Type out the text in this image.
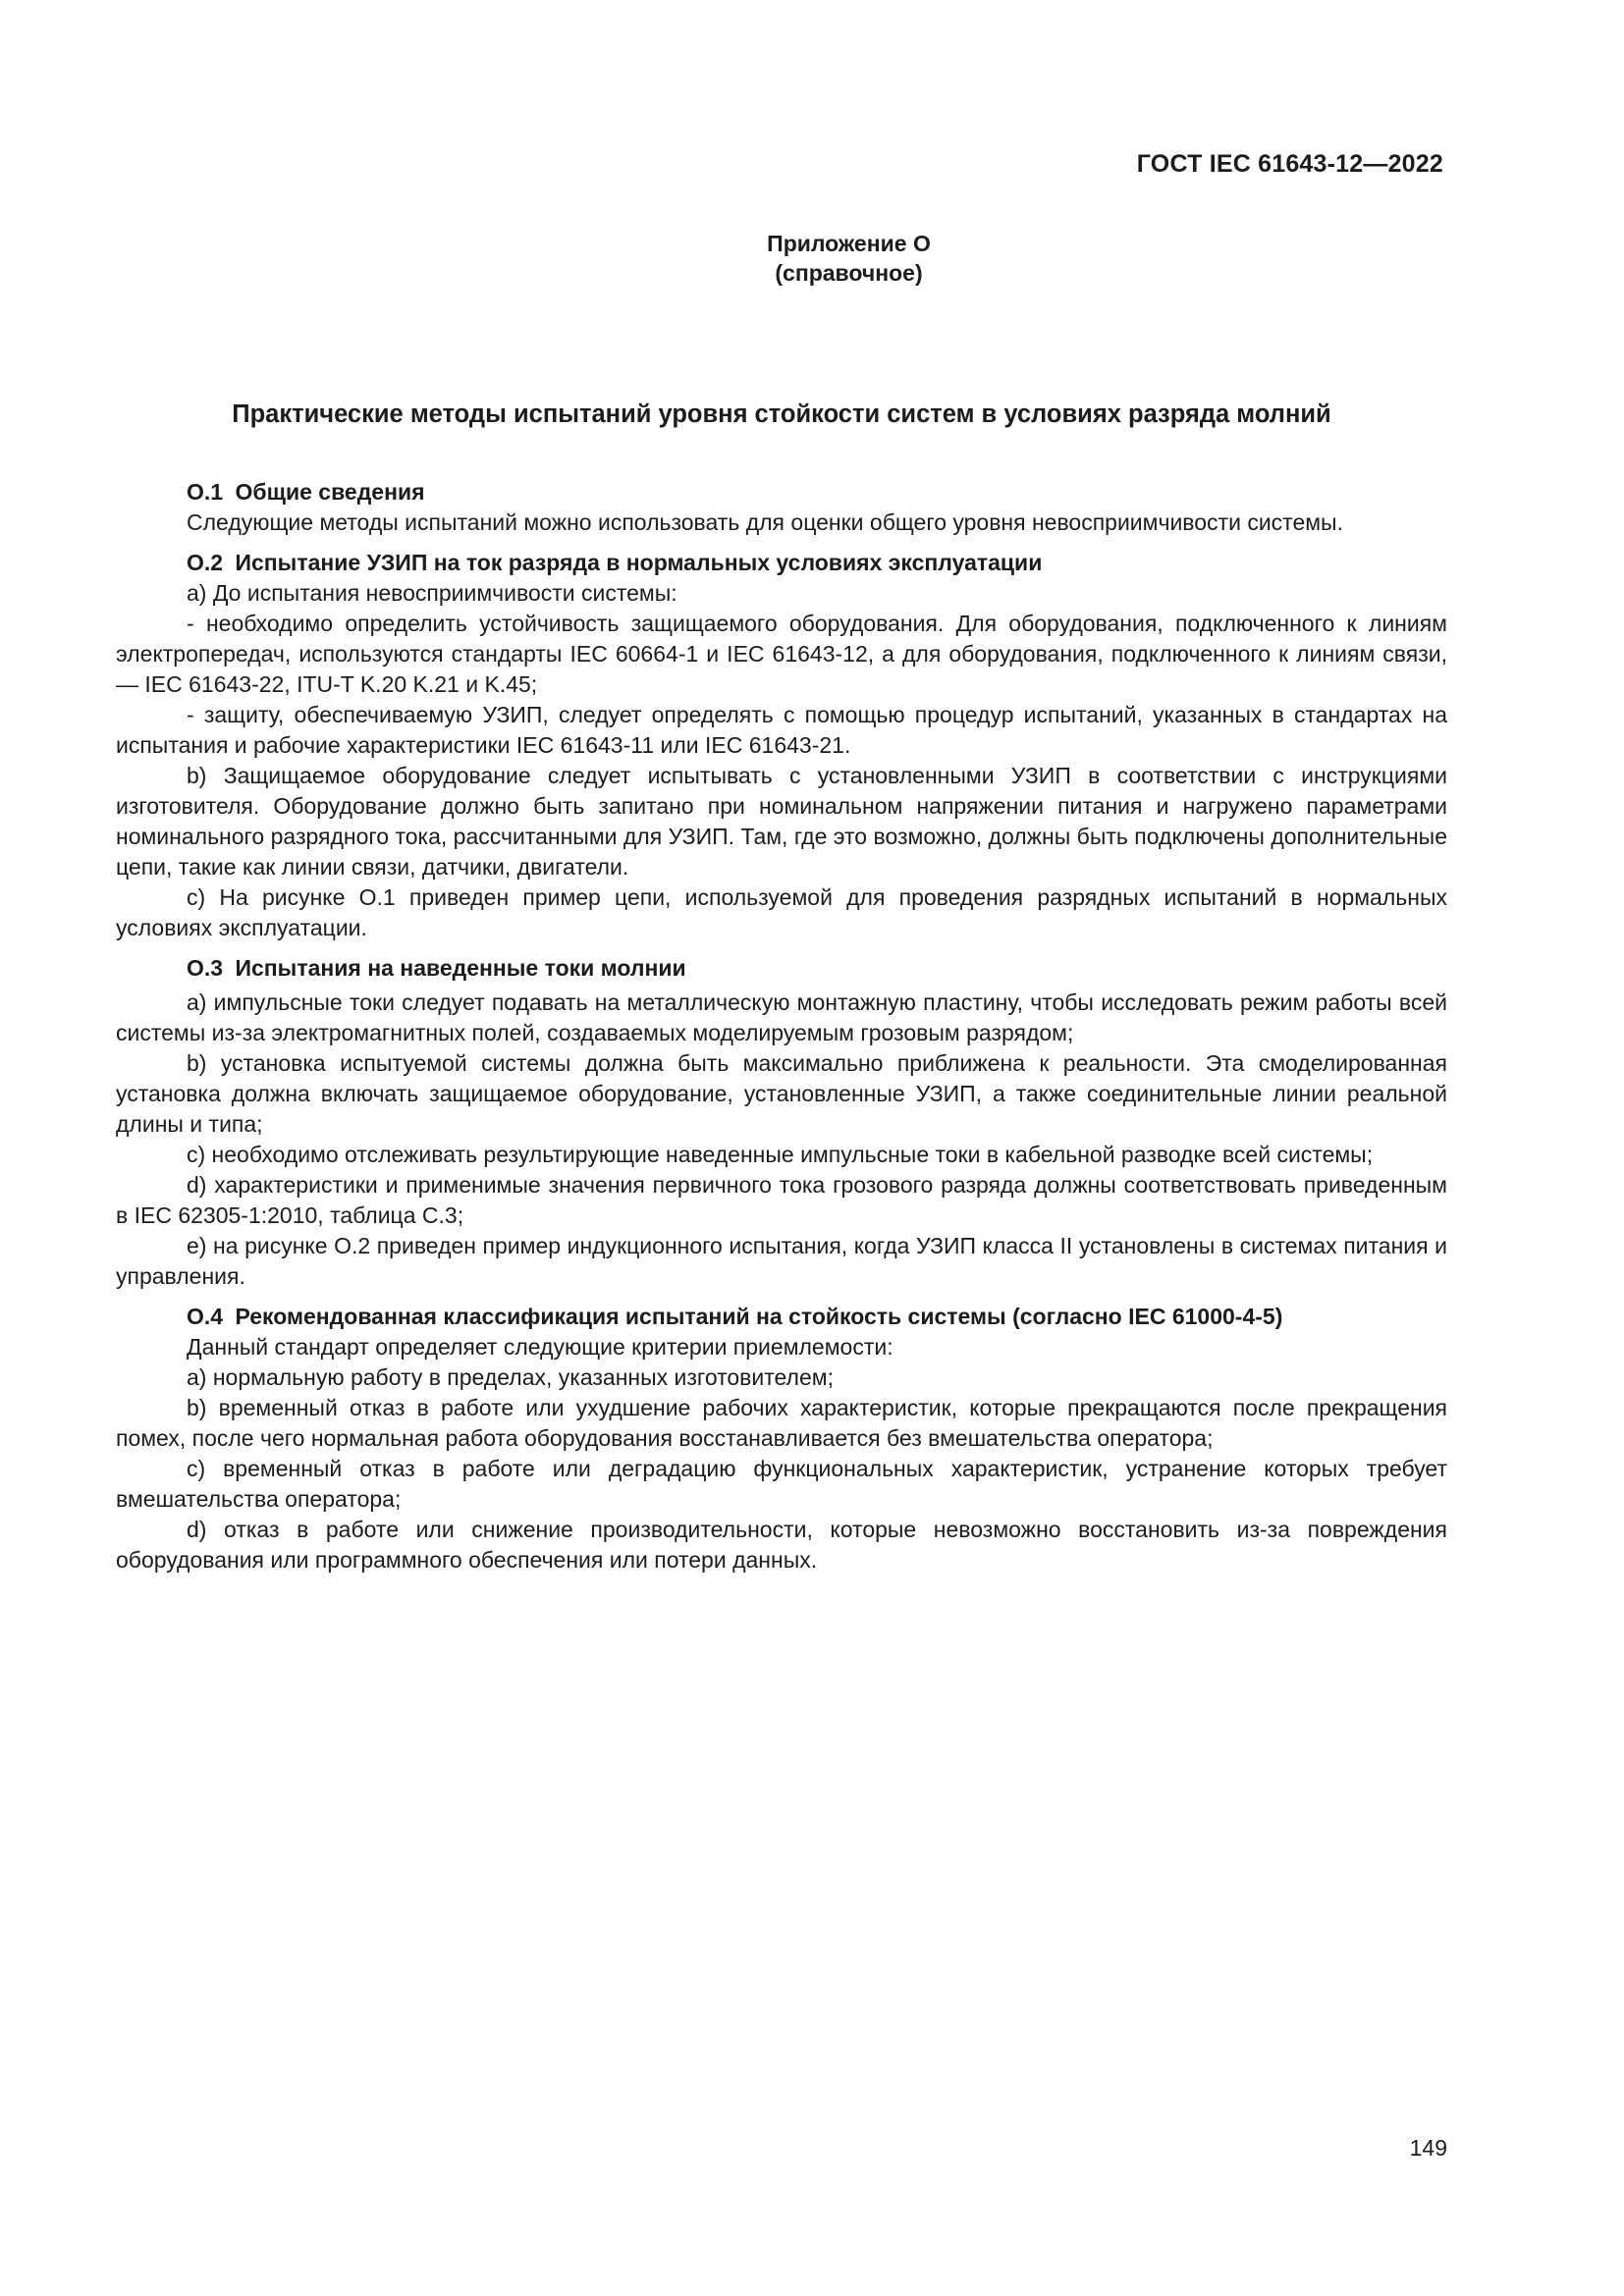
ГОСТ IEC 61643-12—2022
Приложение О
(справочное)
Практические методы испытаний уровня стойкости систем в условиях разряда молний

О.1 Общие сведения

Следующие методы испытаний можно использовать для оценки общего уровня невосприимчивости системы.

О.2 Испытание УЗИП на ток разряда в нормальных условиях эксплуатации

a) До испытания невосприимчивости системы:

- необходимо определить устойчивость защищаемого оборудования. Для оборудования, подключенного к линиям электропередач, используются стандарты IEC 60664-1 и IEC 61643-12, а для оборудования, подключенного к линиям связи, — IEC 61643-22, ITU-T K.20 K.21 и K.45;

- защиту, обеспечиваемую УЗИП, следует определять с помощью процедур испытаний, указанных в стандартах на испытания и рабочие характеристики IEC 61643-11 или IEC 61643-21.

b) Защищаемое оборудование следует испытывать с установленными УЗИП в соответствии с инструкциями изготовителя. Оборудование должно быть запитано при номинальном напряжении питания и нагружено параметрами номинального разрядного тока, рассчитанными для УЗИП. Там, где это возможно, должны быть подключены дополнительные цепи, такие как линии связи, датчики, двигатели.

c) На рисунке О.1 приведен пример цепи, используемой для проведения разрядных испытаний в нормальных условиях эксплуатации.

О.3 Испытания на наведенные токи молнии

a) импульсные токи следует подавать на металлическую монтажную пластину, чтобы исследовать режим работы всей системы из-за электромагнитных полей, создаваемых моделируемым грозовым разрядом;

b) установка испытуемой системы должна быть максимально приближена к реальности. Эта смоделированная установка должна включать защищаемое оборудование, установленные УЗИП, а также соединительные линии реальной длины и типа;

c) необходимо отслеживать результирующие наведенные импульсные токи в кабельной разводке всей системы;

d) характеристики и применимые значения первичного тока грозового разряда должны соответствовать приведенным в IEC 62305-1:2010, таблица С.3;

e) на рисунке О.2 приведен пример индукционного испытания, когда УЗИП класса II установлены в системах питания и управления.

О.4 Рекомендованная классификация испытаний на стойкость системы (согласно IEC 61000-4-5)

Данный стандарт определяет следующие критерии приемлемости:

a) нормальную работу в пределах, указанных изготовителем;

b) временный отказ в работе или ухудшение рабочих характеристик, которые прекращаются после прекращения помех, после чего нормальная работа оборудования восстанавливается без вмешательства оператора;

c) временный отказ в работе или деградацию функциональных характеристик, устранение которых требует вмешательства оператора;

d) отказ в работе или снижение производительности, которые невозможно восстановить из-за повреждения оборудования или программного обеспечения или потери данных.

149
